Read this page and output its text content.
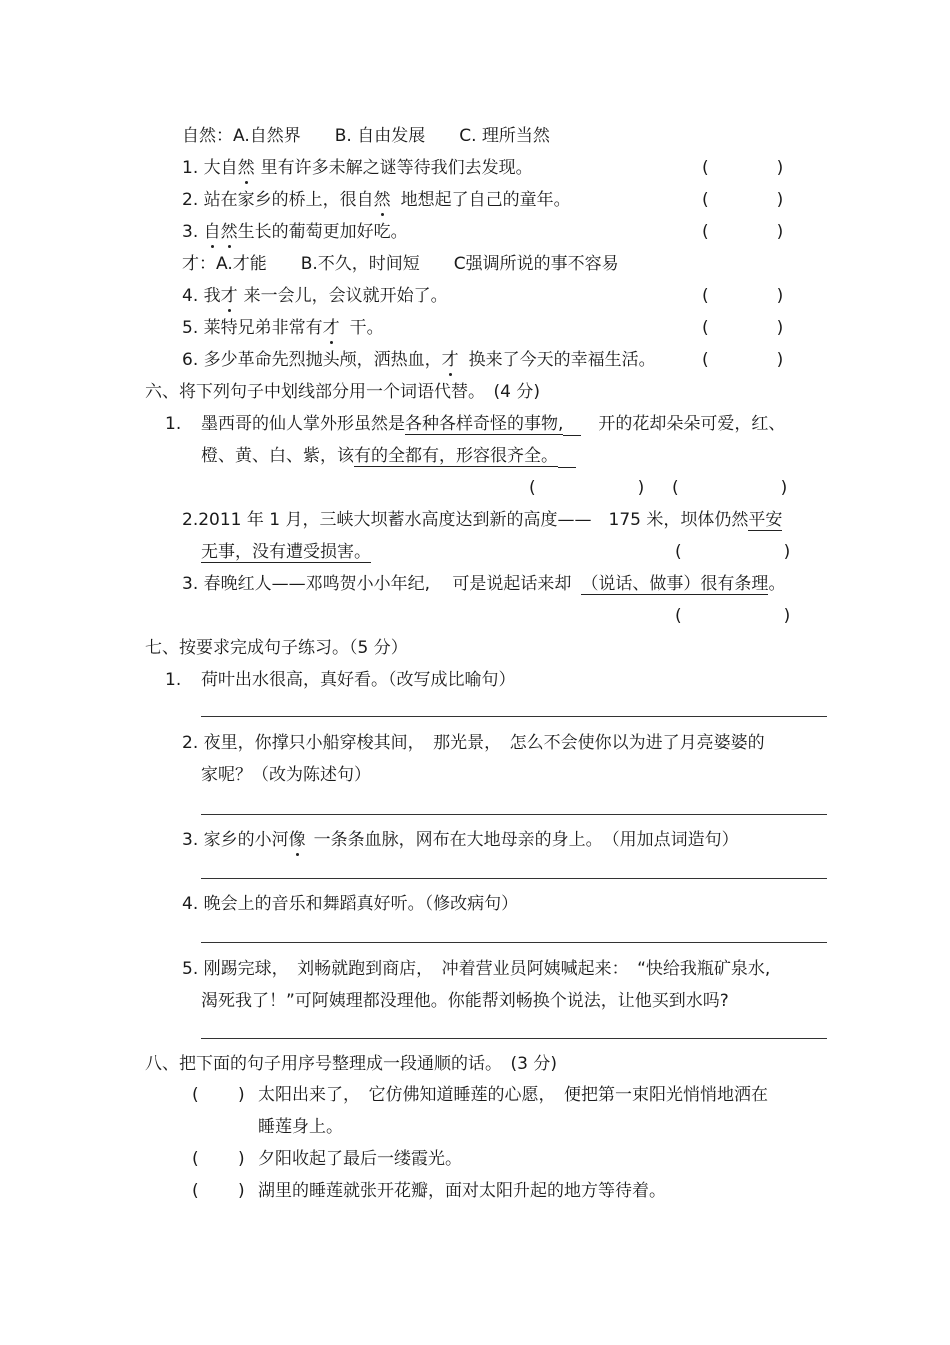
自然：A.自然界　　B. 自由发展　　C. 理所当然
1. 大自然 里有许多未解之谜等待我们去发现。	(　　　　)
2. 站在家乡的桥上，很自然 地想起了自己的童年。	(　　　　)
3. 自然生长的葡萄更加好吃。	(　　　　)
才：A.才能　　B.不久，时间短　　C强调所说的事不容易
4. 我才 来一会儿，会议就开始了。	(　　　　)
5. 莱特兄弟非常有才 干。	(　　　　)
6. 多少革命先烈抛头颅，洒热血，才 换来了今天的幸福生活。	(　　　　)
六、将下列句子中划线部分用一个词语代替。　(4 分)
1. 墨西哥的仙人掌外形虽然是各种各样奇怪的事物,　开的花却朵朵可爱，红、
橙、黄、白、紫，该有的全都有，形容很齐全。
(　　　　　　) (　　　　　　)
2.2011 年 1 月，三峡大坝蓄水高度达到新的高度——　175 米，坝体仍然平安
无事，没有遭受损害。	(　　　　　　)
3. 春晚红人——邓鸣贺小小年纪,　 可是说起话来却 （说话、做事）很有条理。
(　　　　　　)
七、按要求完成句子练习。（5 分）
1. 荷叶出水很高，真好看。（改写成比喻句）
2. 夜里，你撑只小船穿梭其间，　那光景，　怎么不会使你以为进了月亮婆婆的
家呢？（改为陈述句）
3. 家乡的小河像 一条条血脉，网布在大地母亲的身上。　（用加点词造句）
4. 晚会上的音乐和舞蹈真好听。（修改病句）
5. 刚踢完球，　刘畅就跑到商店，　冲着营业员阿姨喊起来：　“快给我瓶矿泉水,
渴死我了！”可阿姨理都没理他。你能帮刘畅换个说法，让他买到水吗?
八、把下面的句子用序号整理成一段通顺的话。　(3 分)
(　　 ) 太阳出来了，　它仿佛知道睡莲的心愿，　便把第一束阳光悄悄地洒在
睡莲身上。
(　　 ) 夕阳收起了最后一缕霞光。
(　　 ) 湖里的睡莲就张开花瓣，面对太阳升起的地方等待着。
